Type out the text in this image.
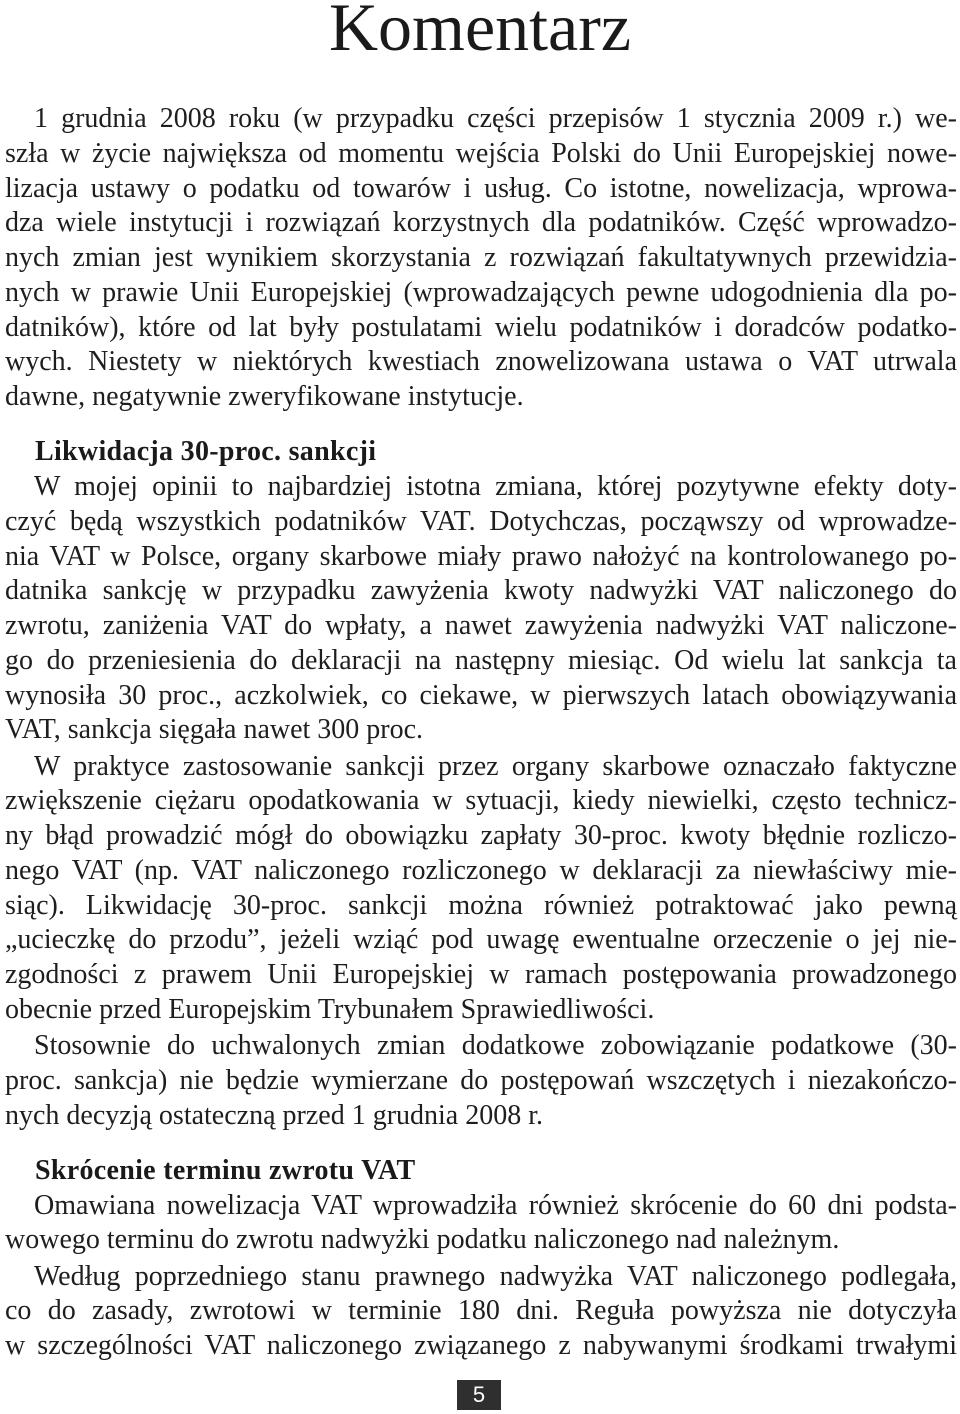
Komentarz
1 grudnia 2008 roku (w przypadku części przepisów 1 stycznia 2009 r.) we-
szła w życie największa od momentu wejścia Polski do Unii Europejskiej nowe-
lizacja ustawy o podatku od towarów i usług. Co istotne, nowelizacja, wprowa-
dza wiele instytucji i rozwiązań korzystnych dla podatników. Część wprowadzo-
nych zmian jest wynikiem skorzystania z rozwiązań fakultatywnych przewidzia-
nych w prawie Unii Europejskiej (wprowadzających pewne udogodnienia dla po-
datników), które od lat były postulatami wielu podatników i doradców podatko-
wych. Niestety w niektórych kwestiach znowelizowana ustawa o VAT utrwala
dawne, negatywnie zweryfikowane instytucje.
Likwidacja 30-proc. sankcji
W mojej opinii to najbardziej istotna zmiana, której pozytywne efekty doty-
czyć będą wszystkich podatników VAT. Dotychczas, począwszy od wprowadze-
nia VAT w Polsce, organy skarbowe miały prawo nałożyć na kontrolowanego po-
datnika sankcję w przypadku zawyżenia kwoty nadwyżki VAT naliczonego do
zwrotu, zaniżenia VAT do wpłaty, a nawet zawyżenia nadwyżki VAT naliczone-
go do przeniesienia do deklaracji na następny miesiąc. Od wielu lat sankcja ta
wynosiła 30 proc., aczkolwiek, co ciekawe, w pierwszych latach obowiązywania
VAT, sankcja sięgała nawet 300 proc.
W praktyce zastosowanie sankcji przez organy skarbowe oznaczało faktyczne
zwiększenie ciężaru opodatkowania w sytuacji, kiedy niewielki, często technicz-
ny błąd prowadzić mógł do obowiązku zapłaty 30-proc. kwoty błędnie rozliczo-
nego VAT (np. VAT naliczonego rozliczonego w deklaracji za niewłaściwy mie-
siąc). Likwidację 30-proc. sankcji można również potraktować jako pewną
„ucieczkę do przodu”, jeżeli wziąć pod uwagę ewentualne orzeczenie o jej nie-
zgodności z prawem Unii Europejskiej w ramach postępowania prowadzonego
obecnie przed Europejskim Trybunałem Sprawiedliwości.
Stosownie do uchwalonych zmian dodatkowe zobowiązanie podatkowe (30-
proc. sankcja) nie będzie wymierzane do postępowań wszczętych i niezakończo-
nych decyzją ostateczną przed 1 grudnia 2008 r.
Skrócenie terminu zwrotu VAT
Omawiana nowelizacja VAT wprowadziła również skrócenie do 60 dni podsta-
wowego terminu do zwrotu nadwyżki podatku naliczonego nad należnym.
Według poprzedniego stanu prawnego nadwyżka VAT naliczonego podlegała,
co do zasady, zwrotowi w terminie 180 dni. Reguła powyższa nie dotyczyła
w szczególności VAT naliczonego związanego z nabywanymi środkami trwałymi
5
